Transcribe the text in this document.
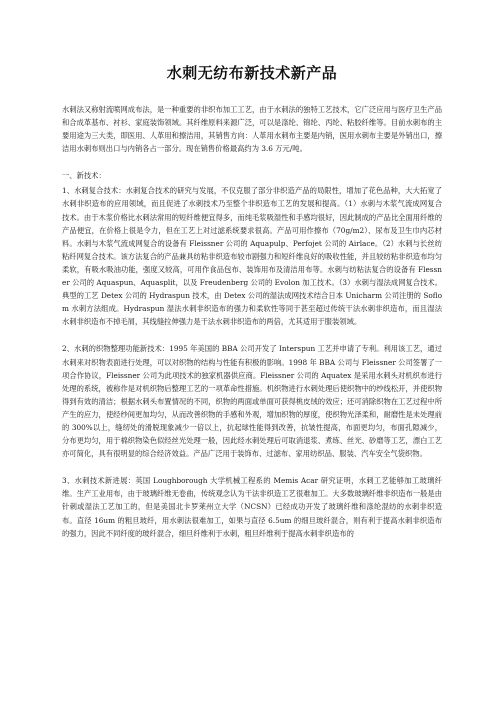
水刺无纺布新技术新产品

水刺法又称射流喷网成布法，是一种重要的非织布加工工艺，由于水刺法的独特工艺技术，它广泛应用与医疗卫生产品和合成革基布、衬衫、家庭装饰领域。其纤维原料来源广泛，可以是涤纶、锦纶、丙纶、粘胶纤维等。目前水刺布的主要用途为三大类，即医用、人革用和擦洁用，其销售方向：人革用水刺布主要是内销，医用水刺布主要是外销出口，擦洁用水刺布则出口与内销各占一部分。现在销售价格最高约为 3.6 万元/吨。

一、新技术：

1、水刺复合技术：水刺复合技术的研究与发展，不仅克服了部分非织造产品的局限性，增加了花色品种，大大拓宽了水刺非织造布的应用领域，而且促进了水刺技术乃至整个非织造布工艺的发展和提高。（1）水刺与木浆气流成网复合技术。由于木浆价格比水刺法常用的短纤维便宜得多，而纯毛浆吸湿性和手感均很好，因此制成的产品比全面用纤维的产品便宜，在价格上很是令力，但在工艺上对过滤系统要求很高。产品可用作擦布（70g/m2）、尿布及卫生巾内芯材料。水刺与木浆气流成网复合的设备有 Fleissner 公司的 Aquapulp、Perfojet 公司的 Airlace。（2）水刺与长丝纺粘纤网复合技术。该方法复合的产品兼具纺粘非织造布较市剧强力和短纤维良好的吸收性能，并且较纺粘非织造布均匀柔软，有吸水吸油功能，强度又较高，可用作食品包布、装饰用布及清洁用布等。水刺与纺粘法复合的设备有 Flessner 公司的 Aquaspun、Aquasplit，以及 Freudenberg 公司的 Evolon 加工技术。（3）水刺与湿法成网复合技术。典型的工艺 Detex 公司的 Hydraspun 技术，由 Detex 公司的湿法成网技术结合日本 Unicharm 公司注册的 Soflom 水刺方法组成。Hydraspun 湿法水刺非织造布的强力和柔软性等同于甚至超过传统干法水刺非织造布，而且湿法水刺非织造布不掉毛屑，其线缝拉伸强力是干法水刺非织造布的两倍，尤其适用于服装领域。

2、水刺的织物整理功能新技术：1995 年美国的 BBA 公司开发了 Interspun 工艺并申请了专利。利用该工艺，通过水刺来对织物表面进行处理，可以对织物的结构与性能有积极的影响。1998 年 BBA 公司与 Fleissner 公司签署了一项合作协议，Fleissner 公司为此项技术的独家机器供应商。Fleissner 公司的 Aquatex 是采用水刺头对机织布进行处理的系统，被称作是对机织物后整理工艺的一项革命性措施。机织物进行水刺处理后使织物中的纱线松开，并使织物得到有效的清洁；根据水刺头布置情况的不同，织物的两面或单面可获得桃皮绒的效应；还可消除织物在工艺过程中所产生的应力，使经纱间更加均匀，从而改善织物的手感和外观，增加织物的厚度，使织物光泽柔和，耐磨性是未处理前的 300%以上，缝纫处的滑脱现象减少一倍以上，抗起球性能得到改善，抗皱性提高，布面更均匀，布面孔隙减少，分布更均匀，用于棉织物染色似经丝光处理一般，因此经水刺处理后可取消退浆、煮练、丝光、砂磨等工艺，漂白工艺亦可简化，具有很明显的综合经济效益。产品广泛用于装饰布、过滤布、家用纺织品、服装、汽车安全气袋织物。

3、水刺技术新进展：英国 Loughborough 大学机械工程系的 Memis Acar 研究证明，水刺工艺能够加工玻璃纤维。生产工业用布，由于玻璃纤维无卷曲，传统观念认为干法非织造工艺很难加工。大多数玻璃纤维非织造布一般是由针刺或湿法工艺加工的，但是美国北卡罗莱州立大学（NCSN）已经成功开发了玻璃纤维和涤纶混纺的水刺非织造布。直径 16um 的粗旦玻纤，用水刺法很难加工，如果与直径 6.5um 的细旦玻纤混合，则有利于提高水刺非织造布的强力，因此不同纤度的玻纤混合，细旦纤维利于水刺，粗旦纤维利于提高水刺非织造布的
